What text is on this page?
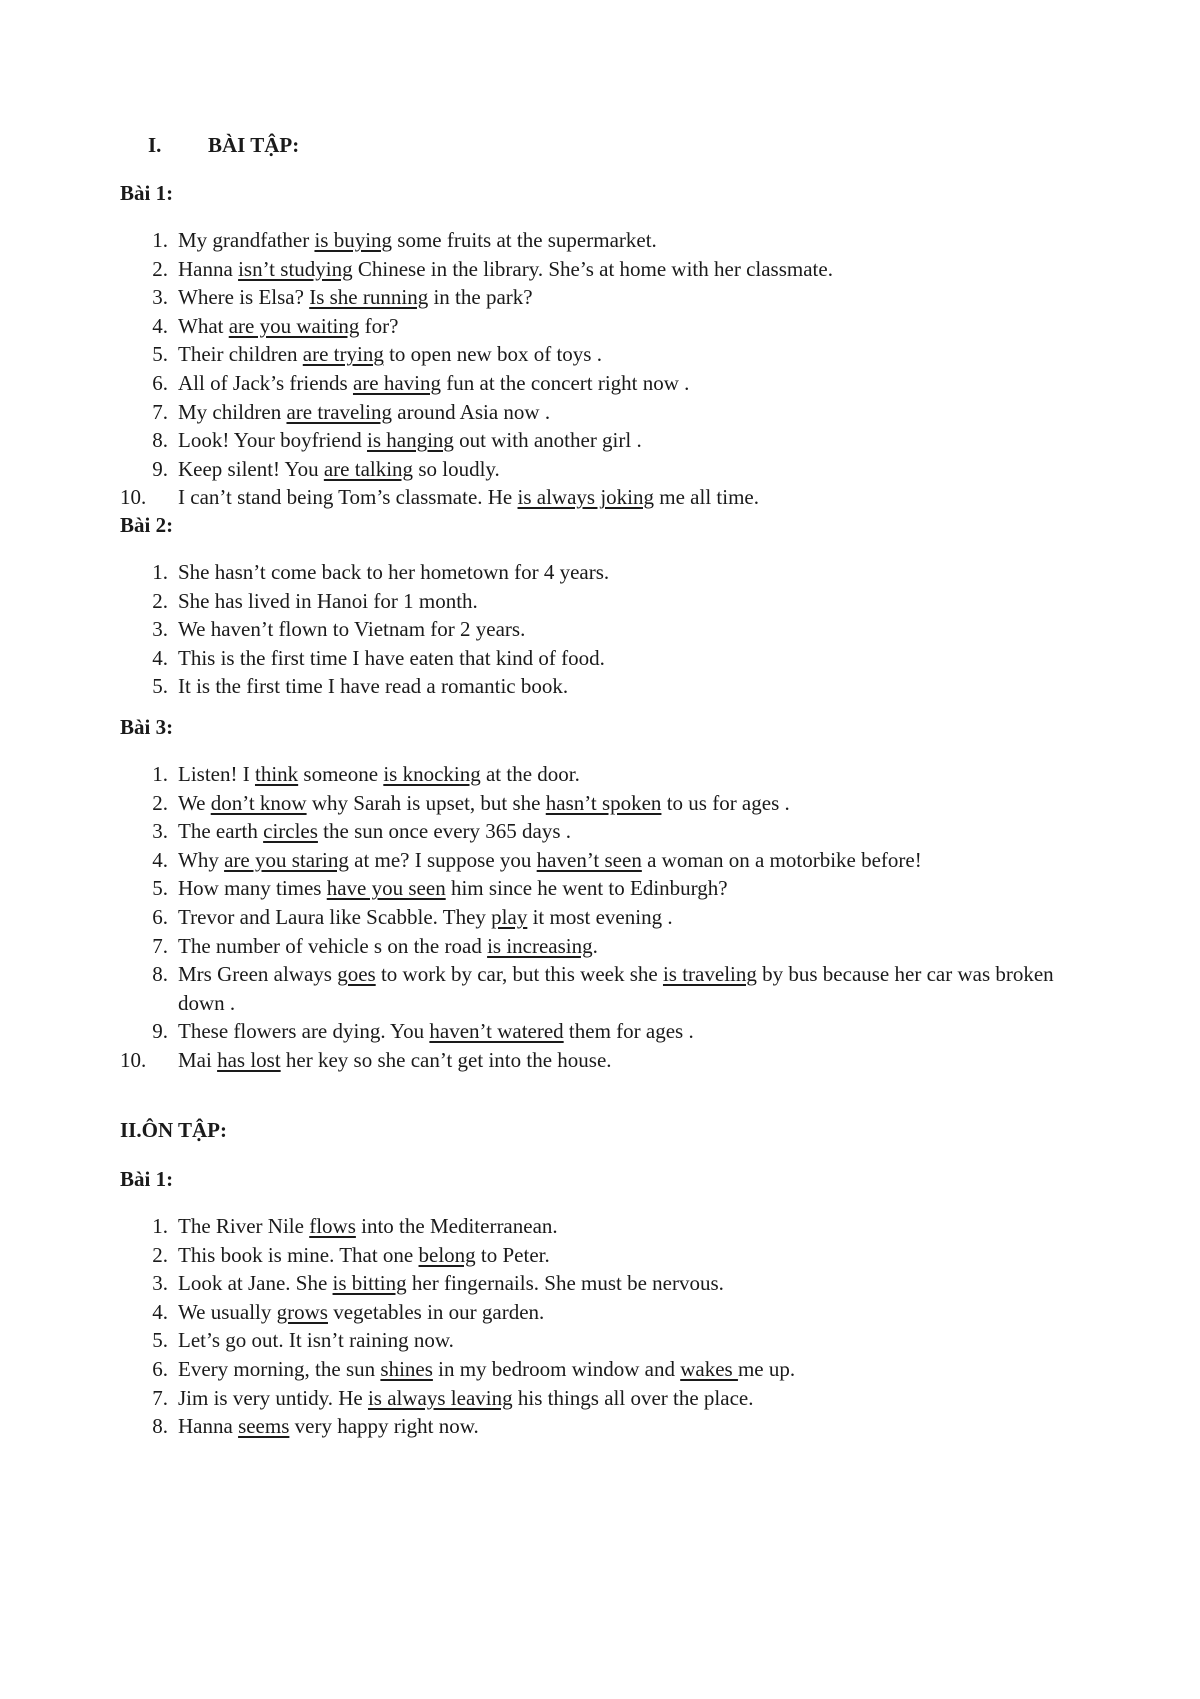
I. BÀI TẬP:
Bài 1:
1. My grandfather is buying some fruits at the supermarket.
2. Hanna isn’t studying Chinese in the library. She’s at home with her classmate.
3. Where is Elsa? Is she running in the park?
4. What are you waiting for?
5. Their children are trying to open new box of toys .
6. All of Jack’s friends are having fun at the concert right now .
7. My children are traveling around Asia now .
8. Look! Your boyfriend is hanging out with another girl .
9. Keep silent! You are talking so loudly.
10.	I can’t stand being Tom’s classmate. He is always joking me all time.
Bài 2:
1. She hasn’t come back to her hometown for 4 years.
2. She has lived in Hanoi for 1 month.
3. We haven’t flown to Vietnam for 2 years.
4. This is the first time I have eaten that kind of food.
5. It is the first time I have read a romantic book.
Bài 3:
1. Listen! I think someone is knocking at the door.
2. We don’t know why Sarah is upset, but she hasn’t spoken to us for ages .
3. The earth circles the sun once every 365 days .
4. Why are you staring at me? I suppose you haven’t seen a woman on a motorbike before!
5. How many times have you seen him since he went to Edinburgh?
6. Trevor and Laura like Scabble. They play it most evening .
7. The number of vehicle s on the road is increasing.
8. Mrs Green always goes to work by car, but this week she is traveling by bus because her car was broken down .
9. These flowers are dying. You haven’t watered them for ages .
10.	Mai has lost her key so she can’t get into the house.
II.ÔN TẬP:
Bài 1:
1. The River Nile flows into the Mediterranean.
2. This book is mine. That one belong to Peter.
3. Look at Jane. She is bitting her fingernails. She must be nervous.
4. We usually grows vegetables in our garden.
5. Let’s go out. It isn’t raining now.
6. Every morning, the sun shines in my bedroom window and wakes me up.
7. Jim is very untidy. He is always leaving his things all over the place.
8. Hanna seems very happy right now.
